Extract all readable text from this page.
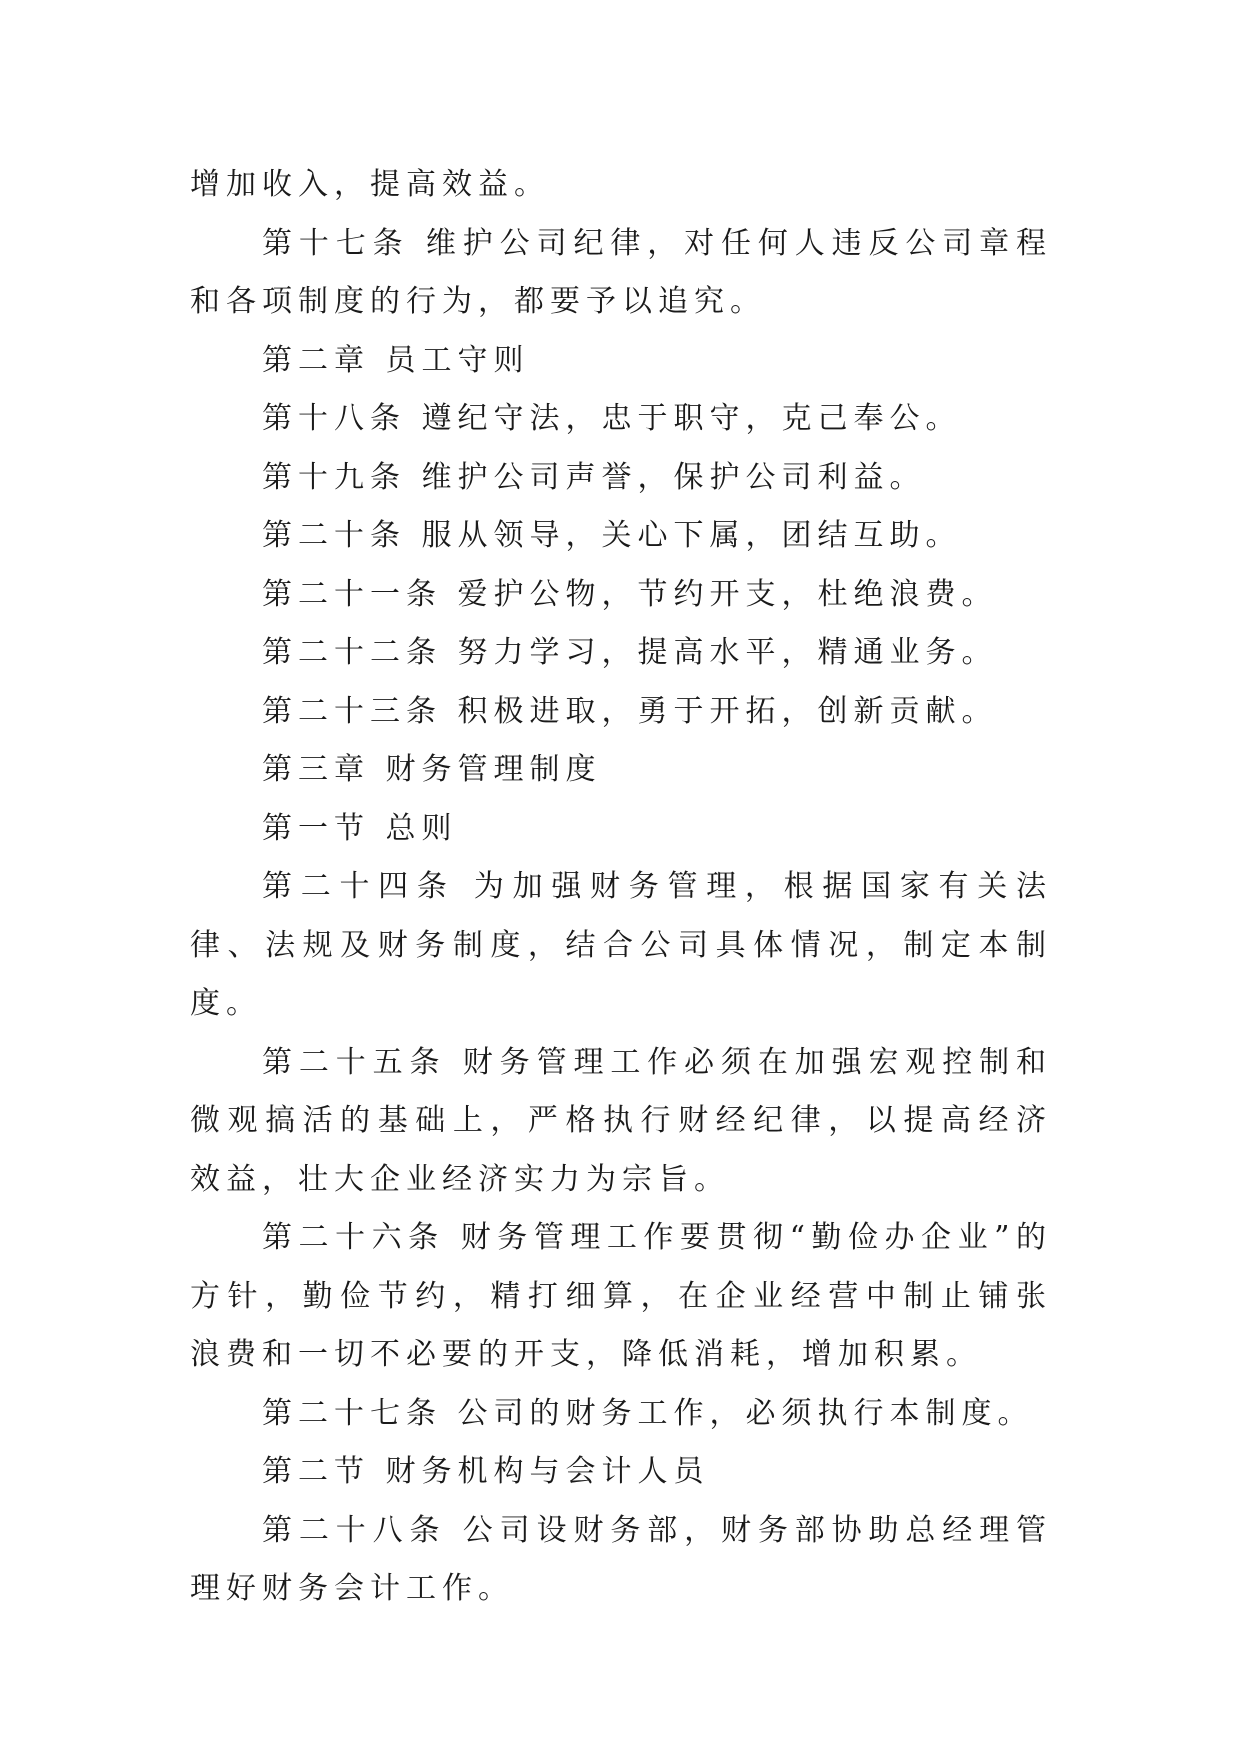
增加收入，提高效益。

第十七条 维护公司纪律，对任何人违反公司章程和各项制度的行为，都要予以追究。

第二章 员工守则

第十八条 遵纪守法，忠于职守，克己奉公。

第十九条 维护公司声誉，保护公司利益。

第二十条 服从领导，关心下属，团结互助。

第二十一条 爱护公物，节约开支，杜绝浪费。

第二十二条 努力学习，提高水平，精通业务。

第二十三条 积极进取，勇于开拓，创新贡献。

第三章 财务管理制度

第一节 总则

第二十四条 为加强财务管理，根据国家有关法律、法规及财务制度，结合公司具体情况，制定本制度。

第二十五条 财务管理工作必须在加强宏观控制和微观搞活的基础上，严格执行财经纪律，以提高经济效益，壮大企业经济实力为宗旨。

第二十六条 财务管理工作要贯彻“勤俭办企业”的方针，勤俭节约，精打细算，在企业经营中制止铺张浪费和一切不必要的开支，降低消耗，增加积累。

第二十七条 公司的财务工作，必须执行本制度。

第二节 财务机构与会计人员

第二十八条 公司设财务部，财务部协助总经理管理好财务会计工作。
